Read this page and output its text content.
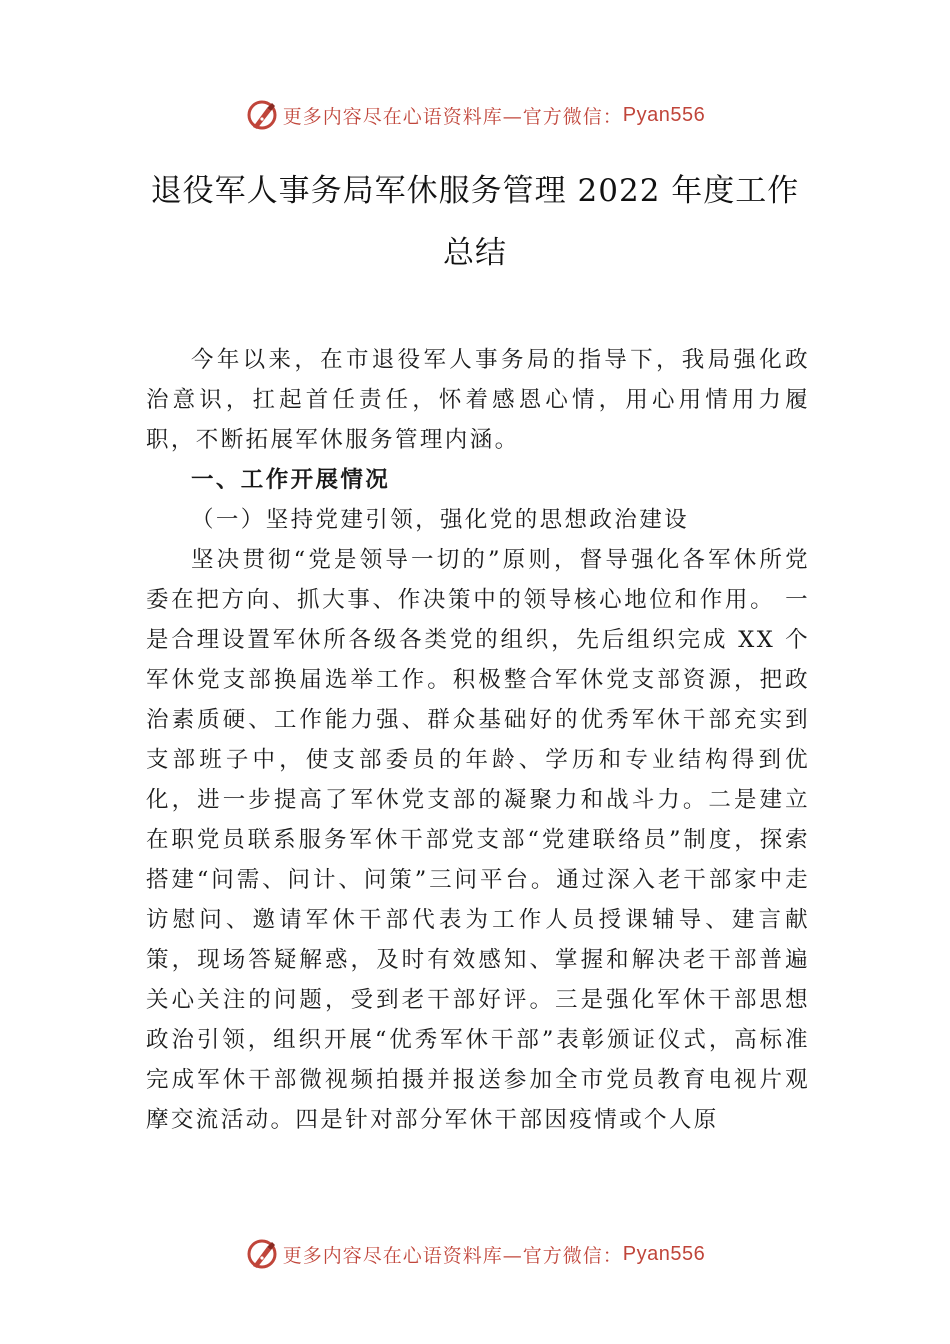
更多内容尽在心语资料库—官方微信： Pyan556
退役军人事务局军休服务管理 2022 年度工作总结

今年以来，在市退役军人事务局的指导下，我局强化政治意识，扛起首任责任，怀着感恩心情，用心用情用力履职，不断拓展军休服务管理内涵。

一、工作开展情况

（一）坚持党建引领，强化党的思想政治建设

坚决贯彻“党是领导一切的”原则，督导强化各军休所党委在把方向、抓大事、作决策中的领导核心地位和作用。 一是合理设置军休所各级各类党的组织，先后组织完成 XX 个军休党支部换届选举工作。积极整合军休党支部资源，把政治素质硬、工作能力强、群众基础好的优秀军休干部充实到支部班子中，使支部委员的年龄、学历和专业结构得到优化，进一步提高了军休党支部的凝聚力和战斗力。二是建立在职党员联系服务军休干部党支部“党建联络员”制度，探索搭建“问需、问计、问策”三问平台。通过深入老干部家中走访慰问、邀请军休干部代表为工作人员授课辅导、建言献策，现场答疑解惑，及时有效感知、掌握和解决老干部普遍关心关注的问题，受到老干部好评。三是强化军休干部思想政治引领，组织开展“优秀军休干部”表彰颁证仪式，高标准完成军休干部微视频拍摄并报送参加全市党员教育电视片观摩交流活动。四是针对部分军休干部因疫情或个人原

更多内容尽在心语资料库—官方微信： Pyan556
